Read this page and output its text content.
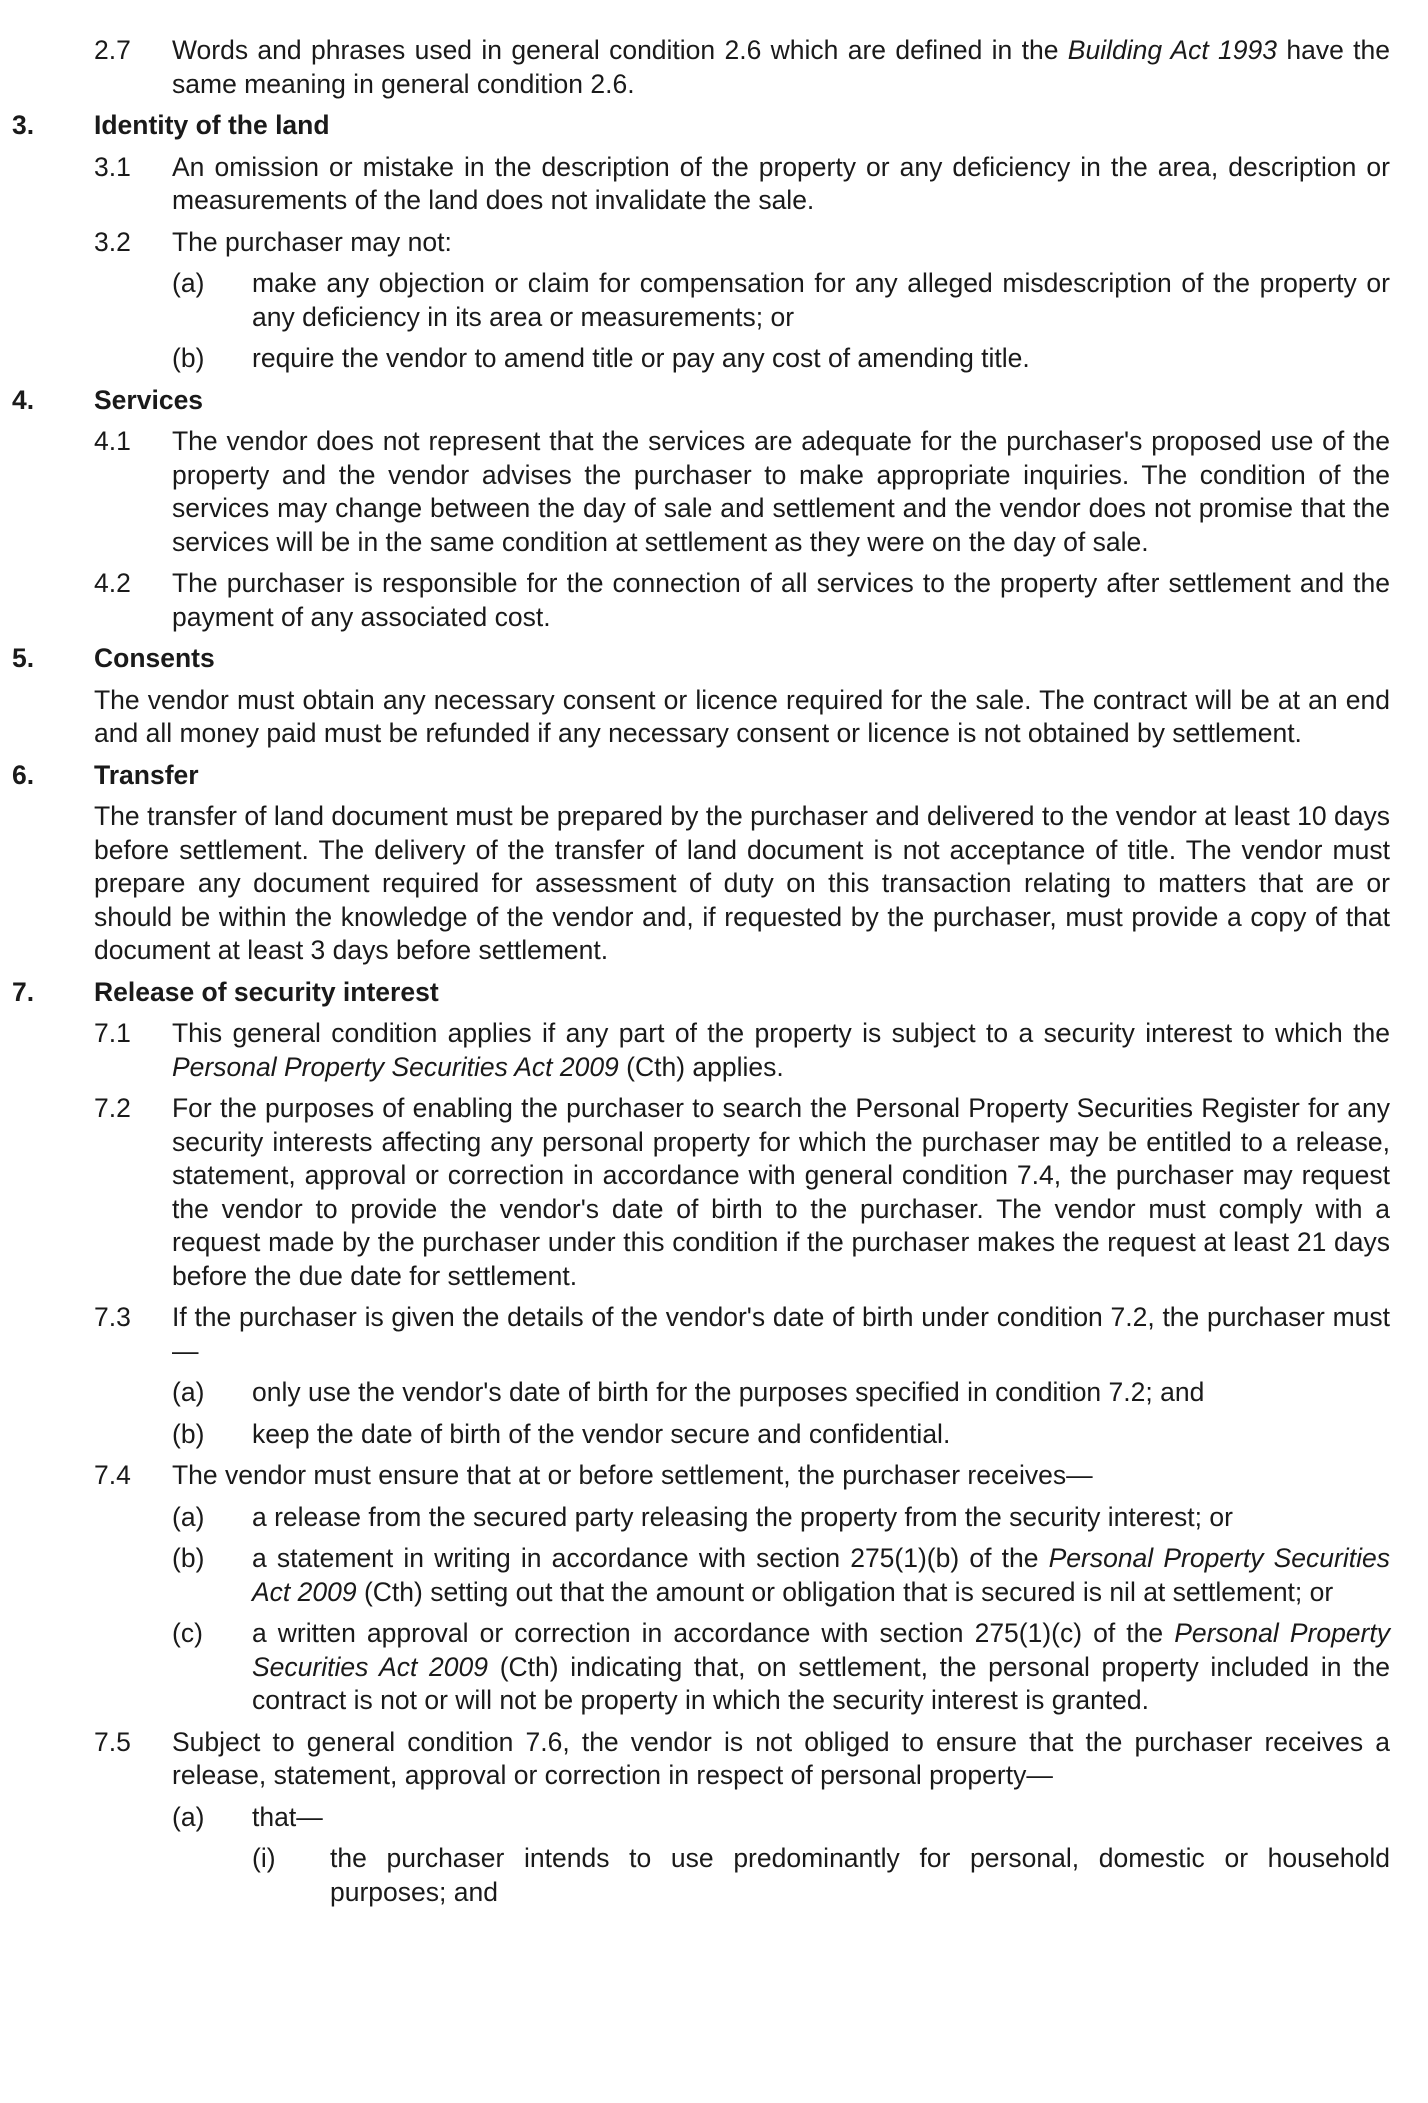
2.7	Words and phrases used in general condition 2.6 which are defined in the Building Act 1993 have the same meaning in general condition 2.6.
3.	Identity of the land
3.1	An omission or mistake in the description of the property or any deficiency in the area, description or measurements of the land does not invalidate the sale.
3.2	The purchaser may not:
(a)	make any objection or claim for compensation for any alleged misdescription of the property or any deficiency in its area or measurements; or
(b)	require the vendor to amend title or pay any cost of amending title.
4.	Services
4.1	The vendor does not represent that the services are adequate for the purchaser's proposed use of the property and the vendor advises the purchaser to make appropriate inquiries. The condition of the services may change between the day of sale and settlement and the vendor does not promise that the services will be in the same condition at settlement as they were on the day of sale.
4.2	The purchaser is responsible for the connection of all services to the property after settlement and the payment of any associated cost.
5.	Consents
The vendor must obtain any necessary consent or licence required for the sale. The contract will be at an end and all money paid must be refunded if any necessary consent or licence is not obtained by settlement.
6.	Transfer
The transfer of land document must be prepared by the purchaser and delivered to the vendor at least 10 days before settlement. The delivery of the transfer of land document is not acceptance of title. The vendor must prepare any document required for assessment of duty on this transaction relating to matters that are or should be within the knowledge of the vendor and, if requested by the purchaser, must provide a copy of that document at least 3 days before settlement.
7.	Release of security interest
7.1	This general condition applies if any part of the property is subject to a security interest to which the Personal Property Securities Act 2009 (Cth) applies.
7.2	For the purposes of enabling the purchaser to search the Personal Property Securities Register for any security interests affecting any personal property for which the purchaser may be entitled to a release, statement, approval or correction in accordance with general condition 7.4, the purchaser may request the vendor to provide the vendor's date of birth to the purchaser. The vendor must comply with a request made by the purchaser under this condition if the purchaser makes the request at least 21 days before the due date for settlement.
7.3	If the purchaser is given the details of the vendor's date of birth under condition 7.2, the purchaser must—
(a)	only use the vendor's date of birth for the purposes specified in condition 7.2; and
(b)	keep the date of birth of the vendor secure and confidential.
7.4	The vendor must ensure that at or before settlement, the purchaser receives—
(a)	a release from the secured party releasing the property from the security interest; or
(b)	a statement in writing in accordance with section 275(1)(b) of the Personal Property Securities Act 2009 (Cth) setting out that the amount or obligation that is secured is nil at settlement; or
(c)	a written approval or correction in accordance with section 275(1)(c) of the Personal Property Securities Act 2009 (Cth) indicating that, on settlement, the personal property included in the contract is not or will not be property in which the security interest is granted.
7.5	Subject to general condition 7.6, the vendor is not obliged to ensure that the purchaser receives a release, statement, approval or correction in respect of personal property—
(a)	that—
(i)	the purchaser intends to use predominantly for personal, domestic or household purposes; and
